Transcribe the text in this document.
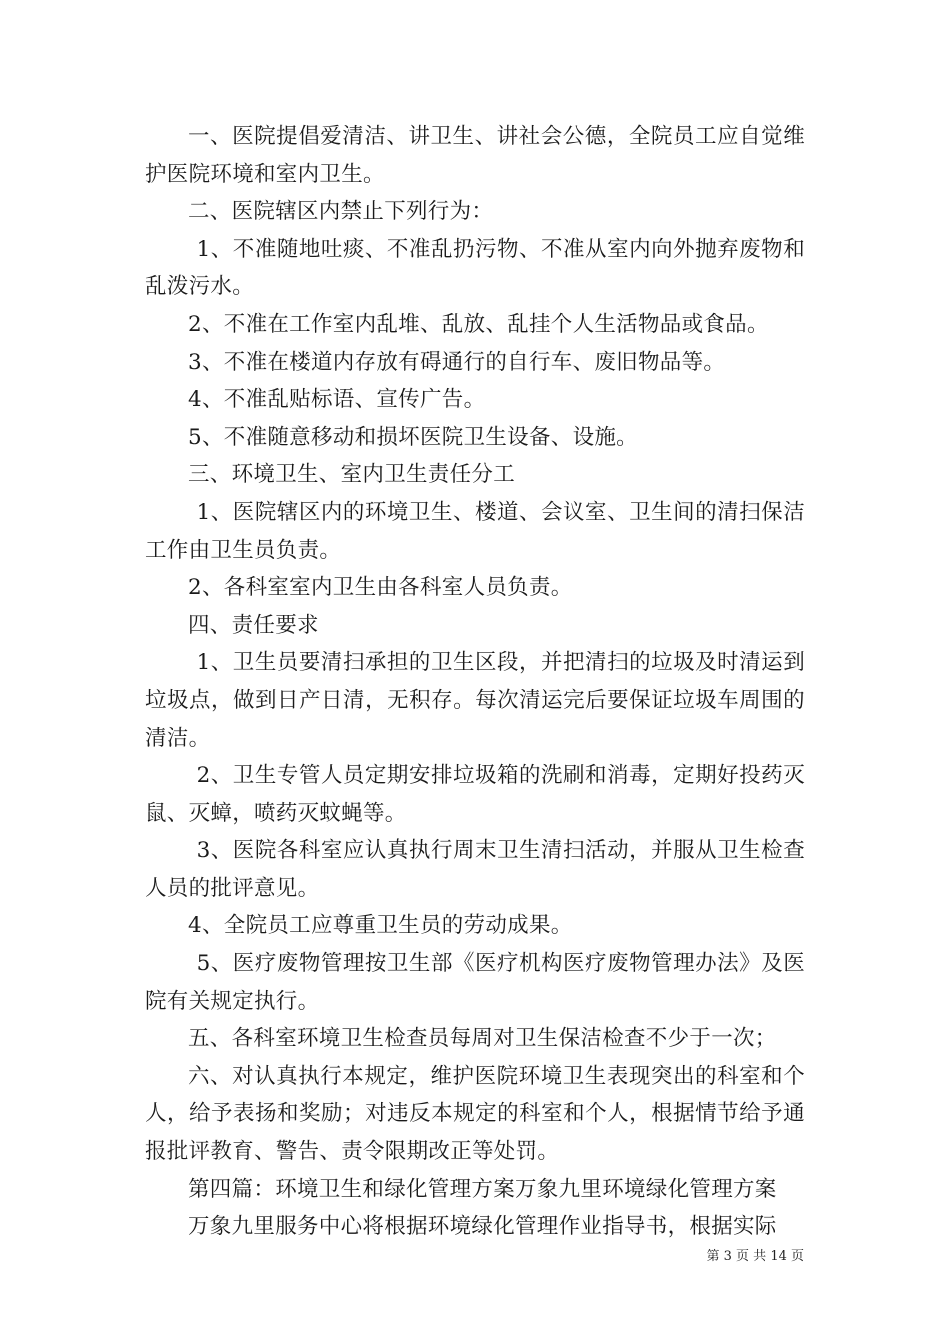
一、医院提倡爱清洁、讲卫生、讲社会公德，全院员工应自觉维护医院环境和室内卫生。

二、医院辖区内禁止下列行为：

1、不准随地吐痰、不准乱扔污物、不准从室内向外抛弃废物和乱泼污水。

2、不准在工作室内乱堆、乱放、乱挂个人生活物品或食品。

3、不准在楼道内存放有碍通行的自行车、废旧物品等。

4、不准乱贴标语、宣传广告。

5、不准随意移动和损坏医院卫生设备、设施。

三、环境卫生、室内卫生责任分工

1、医院辖区内的环境卫生、楼道、会议室、卫生间的清扫保洁工作由卫生员负责。

2、各科室室内卫生由各科室人员负责。

四、责任要求

1、卫生员要清扫承担的卫生区段，并把清扫的垃圾及时清运到垃圾点，做到日产日清，无积存。每次清运完后要保证垃圾车周围的清洁。

2、卫生专管人员定期安排垃圾箱的洗刷和消毒，定期好投药灭鼠、灭蟑，喷药灭蚊蝇等。

3、医院各科室应认真执行周末卫生清扫活动，并服从卫生检查人员的批评意见。

4、全院员工应尊重卫生员的劳动成果。

5、医疗废物管理按卫生部《医疗机构医疗废物管理办法》及医院有关规定执行。

五、各科室环境卫生检查员每周对卫生保洁检查不少于一次；

六、对认真执行本规定，维护医院环境卫生表现突出的科室和个人，给予表扬和奖励；对违反本规定的科室和个人，根据情节给予通报批评教育、警告、责令限期改正等处罚。

第四篇：环境卫生和绿化管理方案万象九里环境绿化管理方案

万象九里服务中心将根据环境绿化管理作业指导书，根据实际

第 3 页 共 14 页
